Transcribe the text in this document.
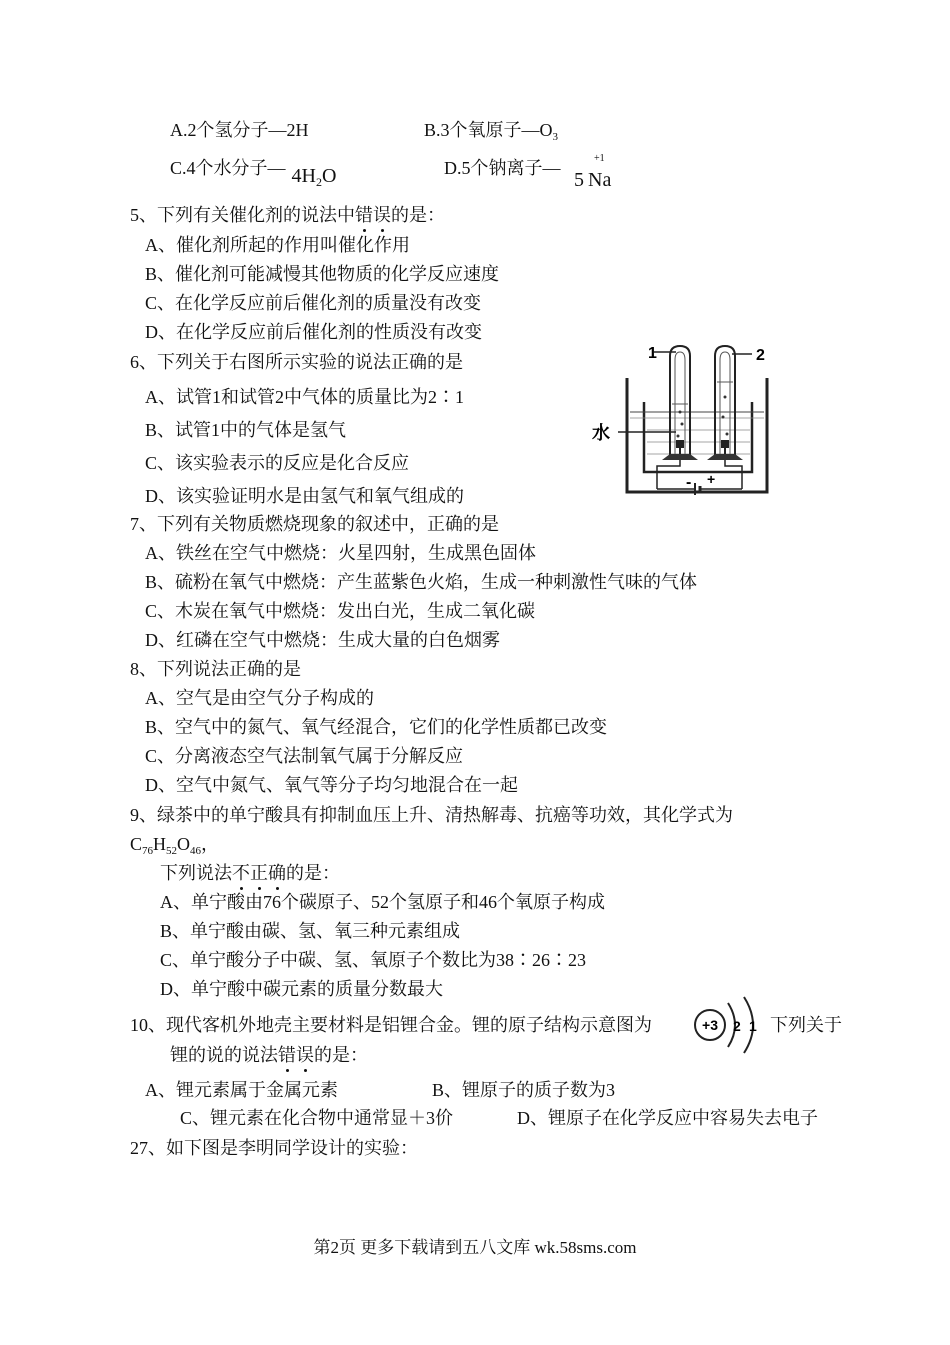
A.2个氢分子—2H	B.3个氧原子$—O_3$
C.4个水分子— $4H_2O$	D.5个钠离子—	+1
5 Na
5、下列有关催化剂的说法中错误的是：
A、催化剂所起的作用叫催化作用
B、催化剂可能减慢其他物质的化学反应速度
C、在化学反应前后催化剂的质量没有改变
D、在化学反应前后催化剂的性质没有改变
6、下列关于右图所示实验的说法正确的是
A、试管1和试管2中气体的质量比为2∶1
B、试管1中的气体是氢气
C、该实验表示的反应是化合反应
D、该实验证明水是由氢气和氧气组成的
1	2
水
- +
7、下列有关物质燃烧现象的叙述中，正确的是
A、铁丝在空气中燃烧：火星四射，生成黑色固体
B、硫粉在氧气中燃烧：产生蓝紫色火焰，生成一种刺激性气味的气体
C、木炭在氧气中燃烧：发出白光，生成二氧化碳
D、红磷在空气中燃烧：生成大量的白色烟雾
8、下列说法正确的是
A、空气是由空气分子构成的
B、空气中的氮气、氧气经混合，它们的化学性质都已改变
C、分离液态空气法制氧气属于分解反应
D、空气中氮气、氧气等分子均匀地混合在一起
9、绿茶中的单宁酸具有抑制血压上升、清热解毒、抗癌等功效，其化学式为
$C_{76}H_{52}O_{46}$，
下列说法不正确的是：
A、单宁酸由76个碳原子、52个氢原子和46个氧原子构成
B、单宁酸由碳、氢、氧三种元素组成
C、单宁酸分子中碳、氢、氧原子个数比为38∶26∶23
D、单宁酸中碳元素的质量分数最大
10、现代客机外地壳主要材料是铝锂合金。锂的原子结构示意图为	+3 2 1 下列关于
锂的说的说法错误的是：
A、锂元素属于金属元素	B、锂原子的质子数为3
C、锂元素在化合物中通常显＋3价	D、锂原子在化学反应中容易失去电子
27、如下图是李明同学设计的实验：
第2页 更多下载请到五八文库 wk.58sms.com
